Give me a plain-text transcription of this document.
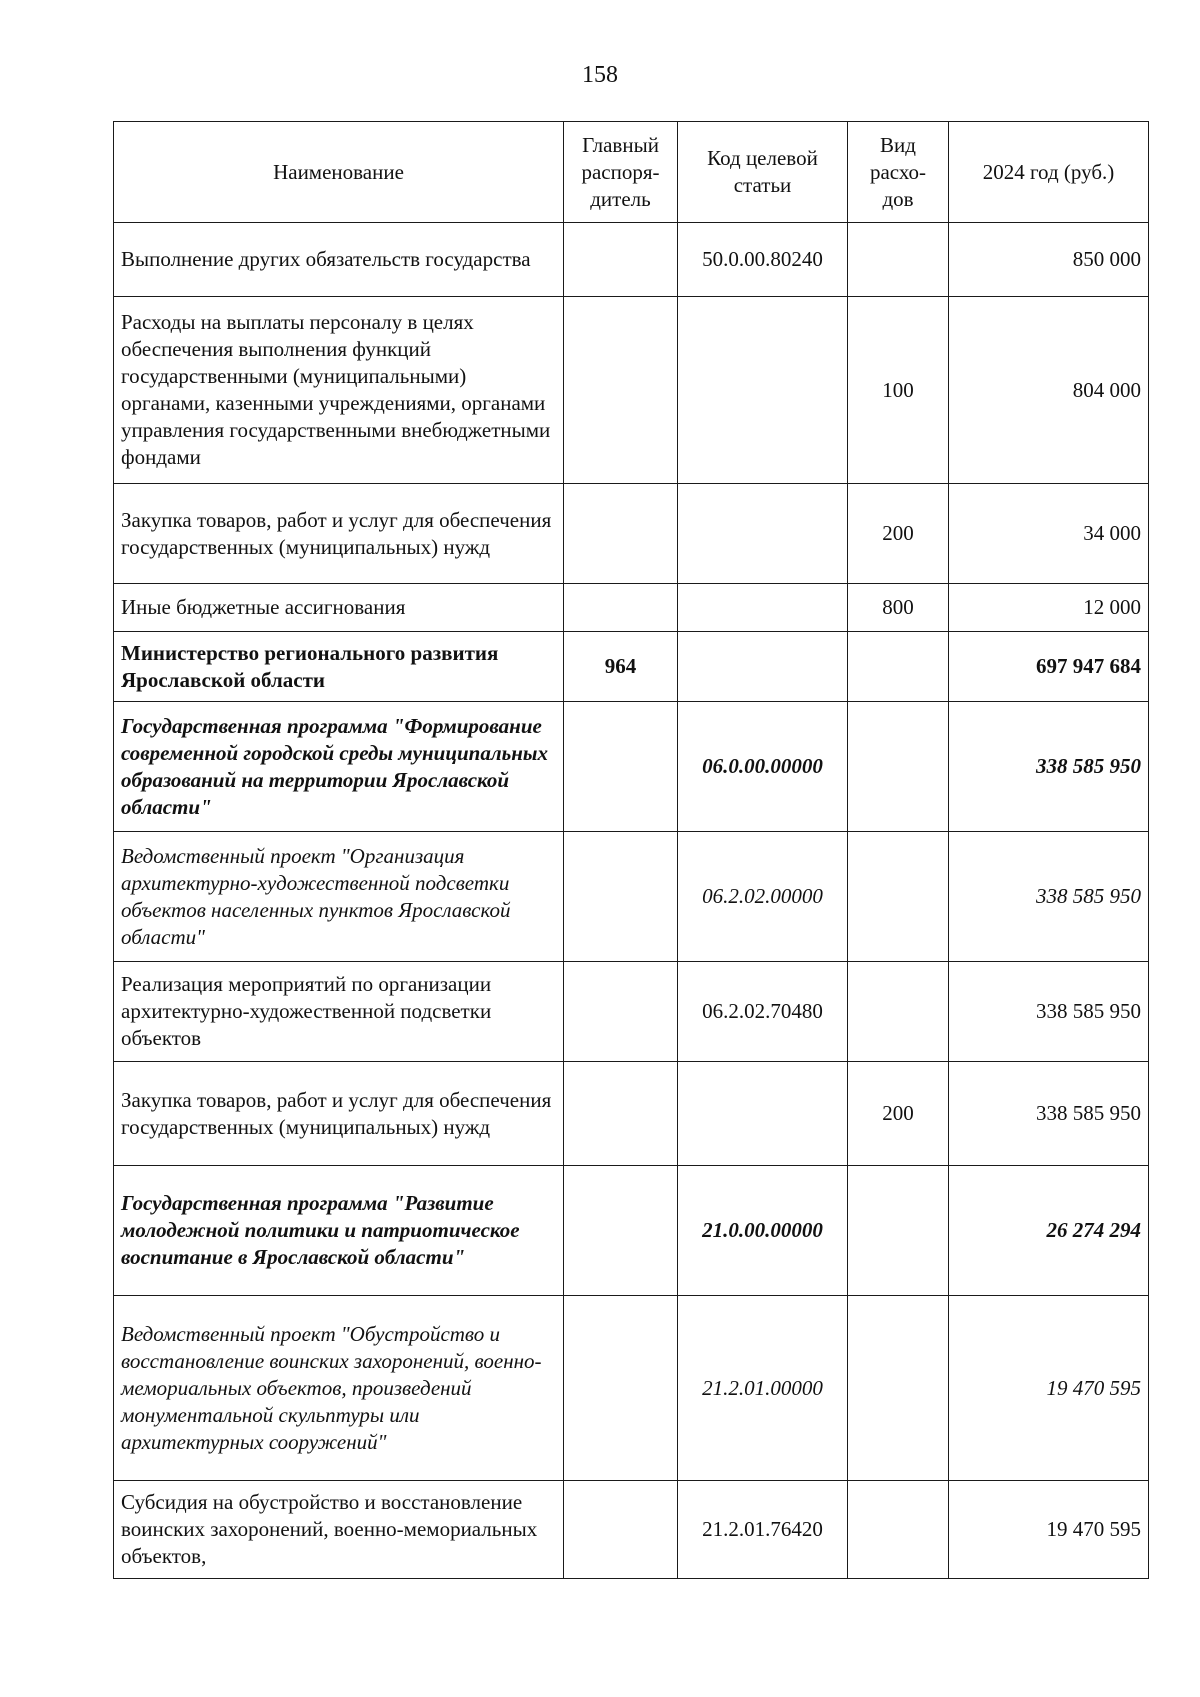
158
Наименование	Главный распоря-дитель	Код целевой статьи	Вид расхо-дов	2024 год (руб.)
Выполнение других обязательств государства		50.0.00.80240		850 000
Расходы на выплаты персоналу в целях обеспечения выполнения функций государственными (муниципальными) органами, казенными учреждениями, органами управления государственными внебюджетными фондами			100	804 000
Закупка товаров, работ и услуг для обеспечения государственных (муниципальных) нужд			200	34 000
Иные бюджетные ассигнования			800	12 000
Министерство регионального развития Ярославской области	964			697 947 684
Государственная программа "Формирование современной городской среды муниципальных образований на территории Ярославской области"		06.0.00.00000		338 585 950
Ведомственный проект "Организация архитектурно-художественной подсветки объектов населенных пунктов Ярославской области"		06.2.02.00000		338 585 950
Реализация мероприятий по организации архитектурно-художественной подсветки объектов		06.2.02.70480		338 585 950
Закупка товаров, работ и услуг для обеспечения государственных (муниципальных) нужд			200	338 585 950
Государственная программа "Развитие молодежной политики и патриотическое воспитание в Ярославской области"		21.0.00.00000		26 274 294
Ведомственный проект "Обустройство и восстановление воинских захоронений, военно-мемориальных объектов, произведений монументальной скульптуры или архитектурных сооружений"		21.2.01.00000		19 470 595
Субсидия на обустройство и восстановление воинских захоронений, военно-мемориальных объектов,		21.2.01.76420		19 470 595
